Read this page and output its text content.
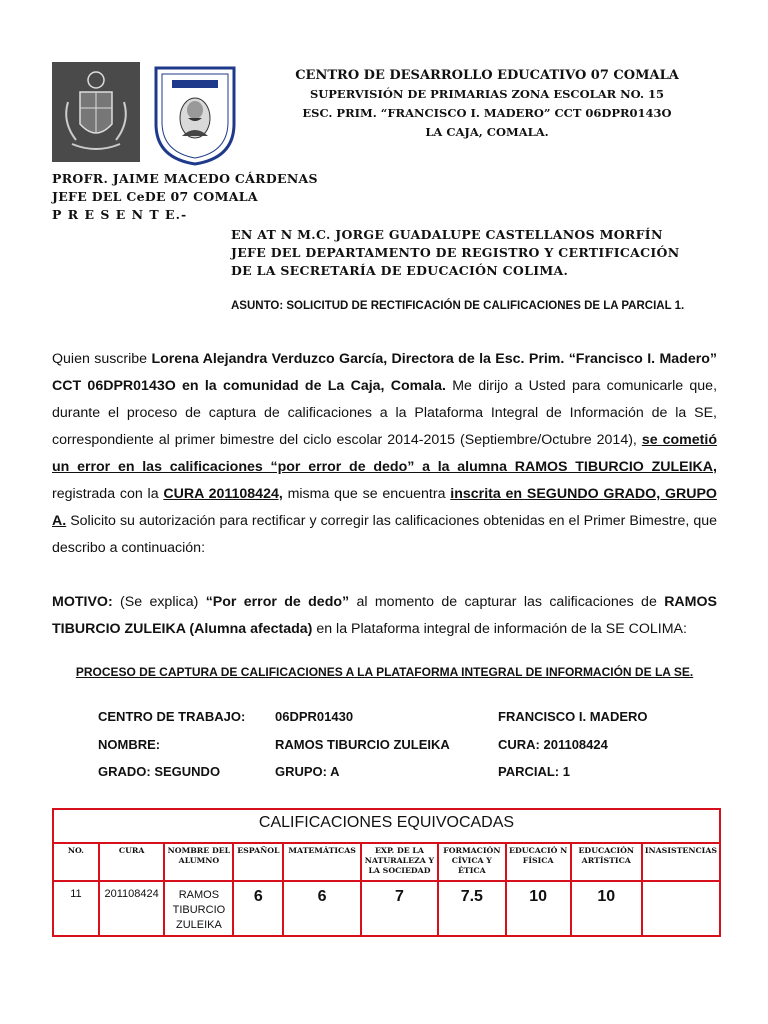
CENTRO DE DESARROLLO EDUCATIVO 07 COMALA
SUPERVISIÓN DE PRIMARIAS ZONA ESCOLAR NO. 15
ESC. PRIM. “FRANCISCO I. MADERO” CCT 06DPR0143O
LA CAJA, COMALA.
PROFR. JAIME MACEDO CÁRDENAS
JEFE DEL CeDE 07 COMALA
P R E S E N T E.-
EN AT N M.C. JORGE GUADALUPE CASTELLANOS MORFÍN
JEFE DEL DEPARTAMENTO DE REGISTRO Y CERTIFICACIÓN
DE LA SECRETARÍA DE EDUCACIÓN COLIMA.
ASUNTO: SOLICITUD DE RECTIFICACIÓN DE CALIFICACIONES DE LA PARCIAL 1.
Quien suscribe Lorena Alejandra Verduzco García, Directora de la Esc. Prim. “Francisco I. Madero” CCT 06DPR0143O en la comunidad de La Caja, Comala. Me dirijo a Usted para comunicarle que, durante el proceso de captura de calificaciones a la Plataforma Integral de Información de la SE, correspondiente al primer bimestre del ciclo escolar 2014-2015 (Septiembre/Octubre 2014), se cometió un error en las calificaciones “por error de dedo” a la alumna RAMOS TIBURCIO ZULEIKA, registrada con la CURA 201108424, misma que se encuentra inscrita en SEGUNDO GRADO, GRUPO A. Solicito su autorización para rectificar y corregir las calificaciones obtenidas en el Primer Bimestre, que describo a continuación:
MOTIVO: (Se explica) “Por error de dedo” al momento de capturar las calificaciones de RAMOS TIBURCIO ZULEIKA (Alumna afectada) en la Plataforma integral de información de la SE COLIMA:
PROCESO DE CAPTURA DE CALIFICACIONES A LA PLATAFORMA INTEGRAL DE INFORMACIÓN DE LA SE.
CENTRO DE TRABAJO: 06DPR01430	FRANCISCO I. MADERO
NOMBRE:	RAMOS TIBURCIO ZULEIKA	CURA: 201108424
GRADO: SEGUNDO	GRUPO: A	PARCIAL: 1
CALIFICACIONES EQUIVOCADAS									
NO.	CURA	NOMBRE DEL ALUMNO	ESPAÑOL	MATEMÁTICAS	EXP. DE LA NATURALEZA Y LA SOCIEDAD	FORMACIÓN CÍVICA Y ÉTICA	EDUCACIÓ N FÍSICA	EDUCACIÓN ARTÍSTICA	INASISTENCIAS
11	201108424	RAMOS TIBURCIO ZULEIKA	6	6	7	7.5	10	10	
